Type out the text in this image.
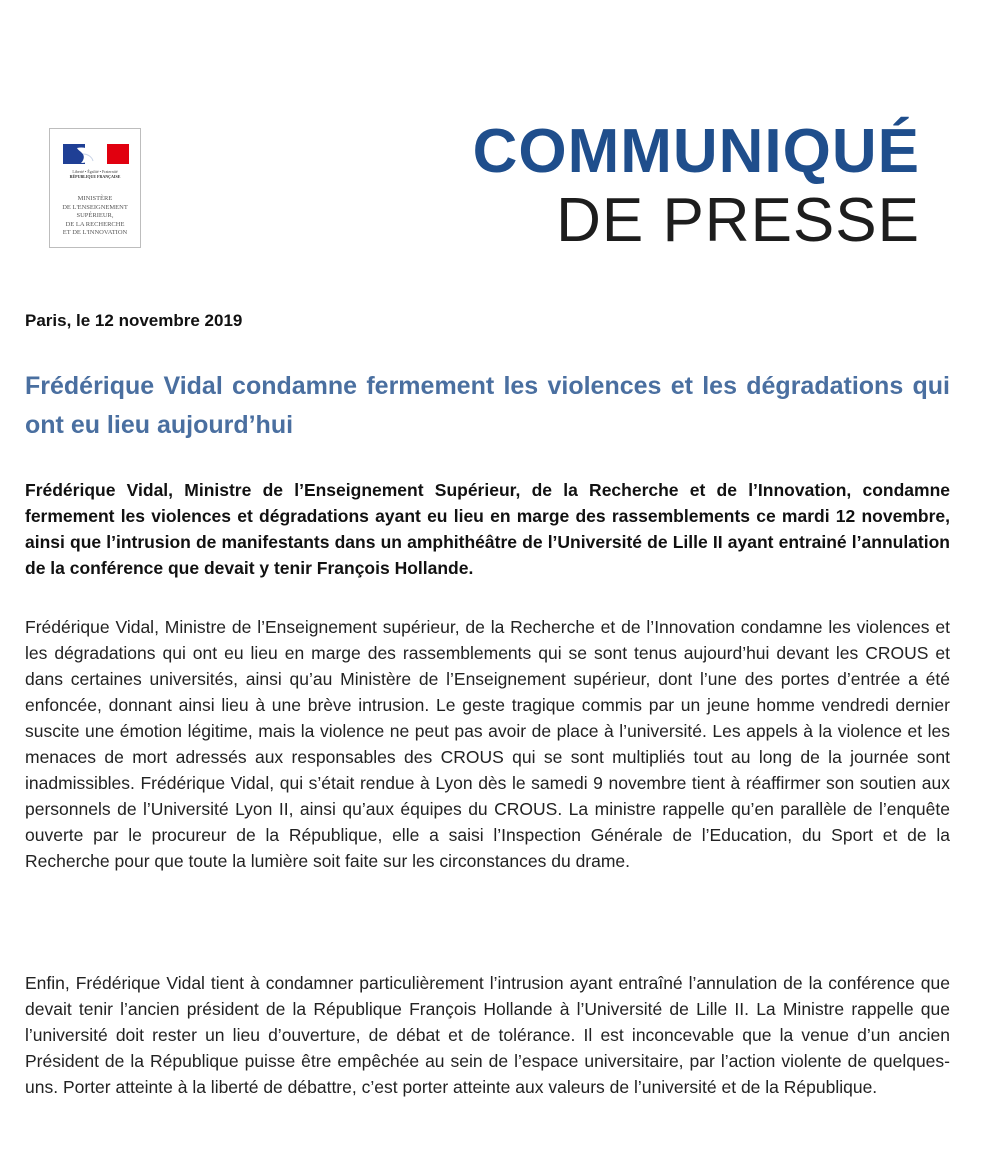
Liberté • Égalité • Fraternité
RÉPUBLIQUE FRANÇAISE
MINISTÈRE
DE L'ENSEIGNEMENT
SUPÉRIEUR,
DE LA RECHERCHE
ET DE L'INNOVATION
COMMUNIQUÉ
DE PRESSE
Paris, le 12 novembre 2019
Frédérique Vidal condamne fermement les violences et les dégradations qui ont eu lieu aujourd’hui
Frédérique Vidal, Ministre de l’Enseignement Supérieur, de la Recherche et de l’Innovation, condamne fermement les violences et dégradations ayant eu lieu en marge des rassemblements ce mardi 12 novembre, ainsi que l’intrusion de manifestants dans un amphithéâtre de l’Université de Lille II ayant entrainé l’annulation de la conférence que devait y tenir François Hollande.
Frédérique Vidal, Ministre de l’Enseignement supérieur, de la Recherche et de l’Innovation condamne les violences et les dégradations qui ont eu lieu en marge des rassemblements qui se sont tenus aujourd’hui devant les CROUS et dans certaines universités, ainsi qu’au Ministère de l’Enseignement supérieur, dont l’une des portes d’entrée a été enfoncée, donnant ainsi lieu à une brève intrusion. Le geste tragique commis par un jeune homme vendredi dernier suscite une émotion légitime, mais la violence ne peut pas avoir de place à l’université. Les appels à la violence et les menaces de mort adressés aux responsables des CROUS qui se sont multipliés tout au long de la journée sont inadmissibles. Frédérique Vidal, qui s’était rendue à Lyon dès le samedi 9 novembre tient à réaffirmer son soutien aux personnels de l’Université Lyon II, ainsi qu’aux équipes du CROUS. La ministre rappelle qu’en parallèle de l’enquête ouverte par le procureur de la République, elle a saisi l’Inspection Générale de l’Education, du Sport et de la Recherche pour que toute la lumière soit faite sur les circonstances du drame.
Enfin, Frédérique Vidal tient à condamner particulièrement l’intrusion ayant entraîné l’annulation de la conférence que devait tenir l’ancien président de la République François Hollande à l’Université de Lille II. La Ministre rappelle que l’université doit rester un lieu d’ouverture, de débat et de tolérance. Il est inconcevable que la venue d’un ancien Président de la République puisse être empêchée au sein de l’espace universitaire, par l’action violente de quelques-uns. Porter atteinte à la liberté de débattre, c’est porter atteinte aux valeurs de l’université et de la République.
